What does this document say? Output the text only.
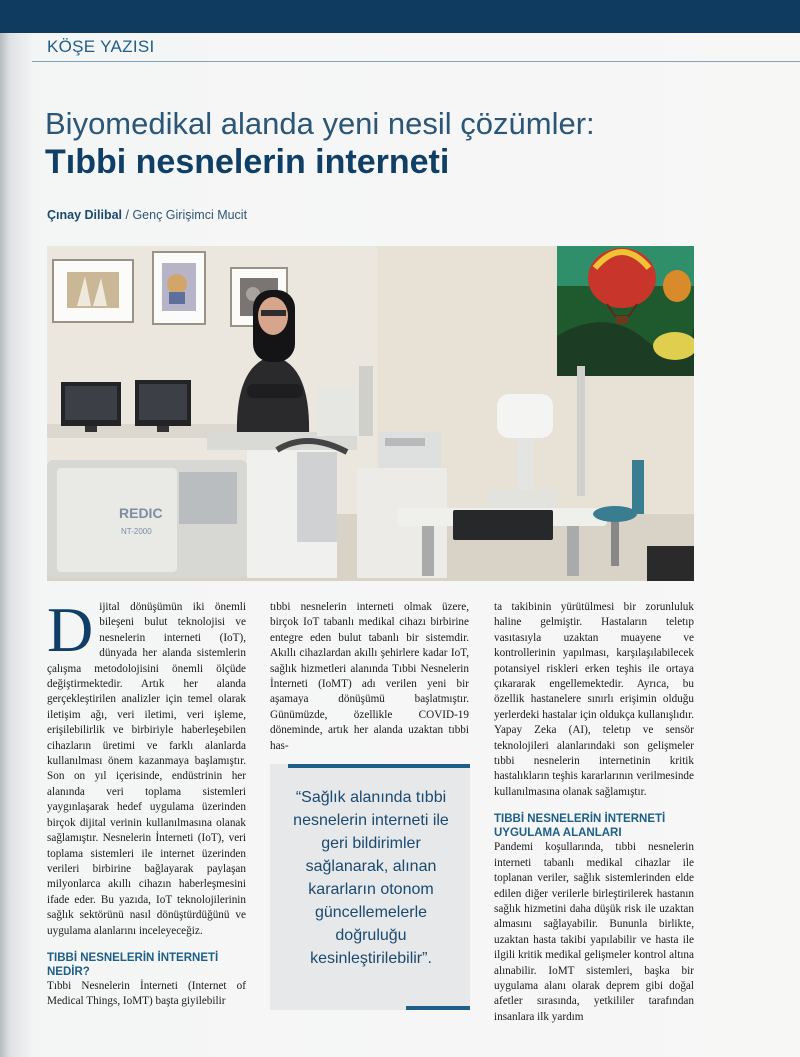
KÖŞE YAZISI
Biyomedikal alanda yeni nesil çözümler:
Tıbbi nesnelerin interneti
Çınay Dilibal / Genç Girişimci Mucit
REDIC
NT-2000
D ijital dönüşümün iki önemli bileşeni bulut teknolojisi ve nesnelerin interneti (IoT), dünyada her alanda sistemlerin çalışma metodolojisini önemli ölçüde değiştirmektedir. Artık her alanda gerçekleştirilen analizler için temel olarak iletişim ağı, veri iletimi, veri işleme, erişilebilirlik ve birbiriyle haberleşebilen cihazların üretimi ve farklı alanlarda kullanılması önem kazanmaya başlamıştır. Son on yıl içerisinde, endüstrinin her alanında veri toplama sistemleri yaygınlaşarak hedef uygulama üzerinden birçok dijital verinin kullanılmasına olanak sağlamıştır. Nesnelerin İnterneti (IoT), veri toplama sistemleri ile internet üzerinden verileri birbirine bağlayarak paylaşan milyonlarca akıllı cihazın haberleşmesini ifade eder. Bu yazıda, IoT teknolojilerinin sağlık sektörünü nasıl dönüştürdüğünü ve uygulama alanlarını inceleyeceğiz.

TIBBİ NESNELERİN İNTERNETİ NEDİR?

Tıbbi Nesnelerin İnterneti (Internet of Medical Things, IoMT) başta giyilebilir

tıbbi nesnelerin interneti olmak üzere, birçok IoT tabanlı medikal cihazı birbirine entegre eden bulut tabanlı bir sistemdir. Akıllı cihazlardan akıllı şehirlere kadar IoT, sağlık hizmetleri alanında Tıbbi Nesnelerin İnterneti (IoMT) adı verilen yeni bir aşamaya dönüşümü başlatmıştır. Günümüzde, özellikle COVID-19 döneminde, artık her alanda uzaktan tıbbi has-

“Sağlık alanında tıbbi nesnelerin interneti ile geri bildirimler sağlanarak, alınan kararların otonom güncellemelerle doğruluğu kesinleştirilebilir”.

ta takibinin yürütülmesi bir zorunluluk haline gelmiştir. Hastaların teletıp vasıtasıyla uzaktan muayene ve kontrollerinin yapılması, karşılaşılabilecek potansiyel riskleri erken teşhis ile ortaya çıkararak engellemektedir. Ayrıca, bu özellik hastanelere sınırlı erişimin olduğu yerlerdeki hastalar için oldukça kullanışlıdır. Yapay Zeka (AI), teletıp ve sensör teknolojileri alanlarındaki son gelişmeler tıbbi nesnelerin internetinin kritik hastalıkların teşhis kararlarının verilmesinde kullanılmasına olanak sağlamıştır.

TIBBİ NESNELERİN İNTERNETİ UYGULAMA ALANLARI

Pandemi koşullarında, tıbbi nesnelerin interneti tabanlı medikal cihazlar ile toplanan veriler, sağlık sistemlerinden elde edilen diğer verilerle birleştirilerek hastanın sağlık hizmetini daha düşük risk ile uzaktan almasını sağlayabilir. Bununla birlikte, uzaktan hasta takibi yapılabilir ve hasta ile ilgili kritik medikal gelişmeler kontrol altına alınabilir. IoMT sistemleri, başka bir uygulama alanı olarak deprem gibi doğal afetler sırasında, yetkililer tarafından insanlara ilk yardım
